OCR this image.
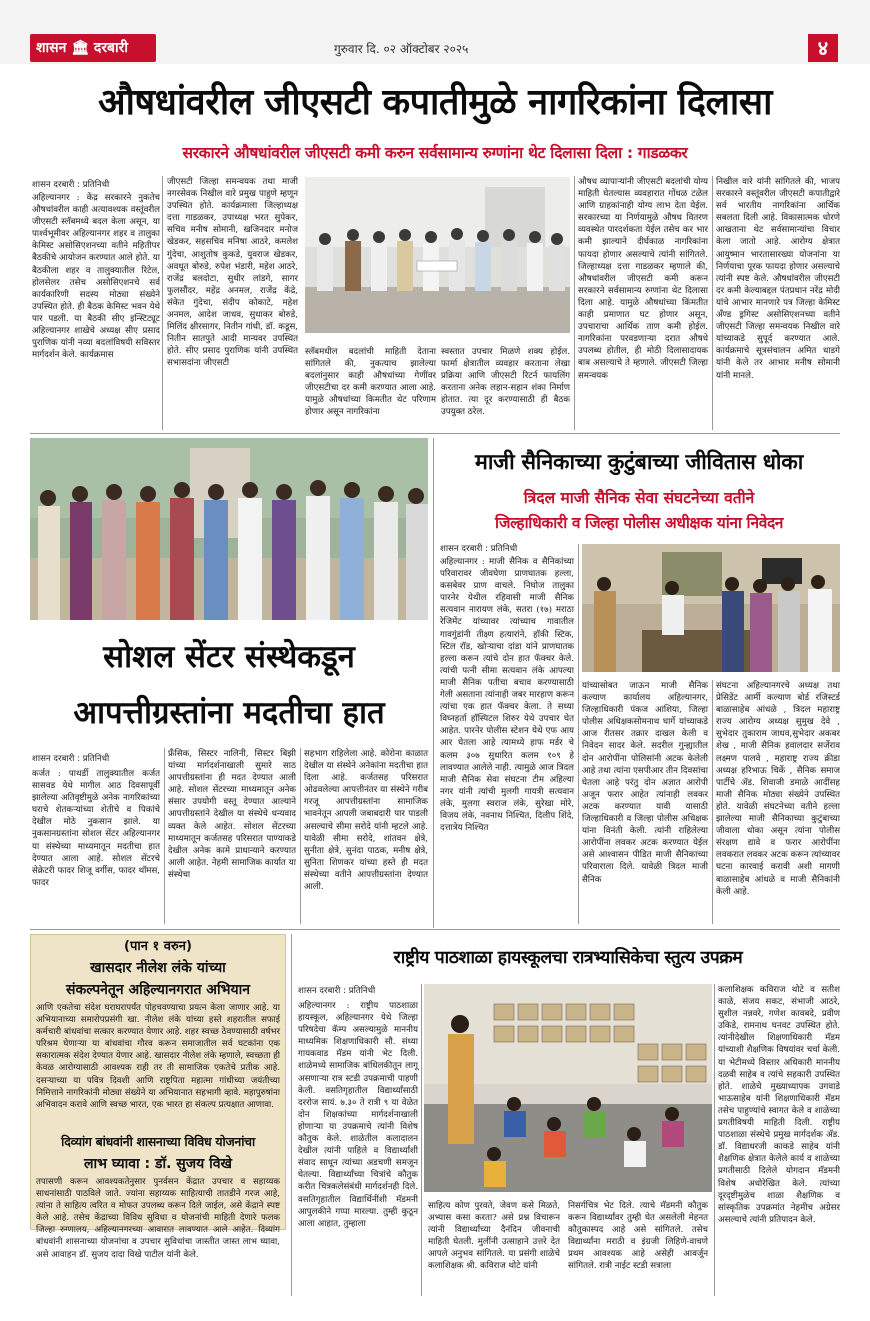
शासन 🏛 दरबारी	गुरुवार दि. ०२ ऑक्टोबर २०२५	४
औषधांवरील जीएसटी कपातीमुळे नागरिकांना दिलासा
सरकारने औषधांवरील जीएसटी कमी करुन सर्वसामान्य रुग्णांना थेट दिलासा दिला : गाडळकर
शासन दरबारी : प्रतिनिधी
अहिल्यानगर : केंद्र सरकारने नुकतेच औषधांवरील काही अत्यावश्यक वस्तूंवरील जीएसटी स्लॅबमध्ये बदल केला असून, या पार्श्वभूमीवर अहिल्यानगर शहर व तालुका केमिस्ट असोसिएशनच्या वतीने महितीपर बैठकीचे आयोजन करण्यात आले होते. या बैठकीला शहर व तालुक्यातील रिटेल, होलसेलर तसेच असोसिएशनचे सर्व कार्यकारिणी सदस्य मोठ्या संख्येने उपस्थित होते. ही बैठक केमिस्ट भवन येथे पार पडली. या बैठकी सीए इन्स्टिट्यूट अहिल्यानगर शाखेचे अध्यक्ष सीए प्रसाद पुराणिक यांनी नव्या बदलांविषयी सविस्तर मार्गदर्शन केले. कार्यक्रमास
जीएसटी जिल्हा समन्वयक तथा माजी नगरसेवक निखील वारे प्रमुख पाहुणे म्हणून उपस्थित होते. कार्यक्रमाला जिल्हाध्यक्ष दत्ता गाडळकर, उपाध्यक्ष भरत सुपेकर, सचिव मनीष सोमानी, खजिनदार मनोज खेडकर, सहसचिव मनिषा आठरे, कमलेश गुंदेचा, आशुतोष कुकडे, युवराज खेडकर, अवधूत बोरुडे, रुपेश भंडारी, महेश आठरे, राजेंद्र बलदोटा, सुधीर लांडगे, सागर फुलसौंदर, महेंद्र अनमल, राजेंद्र केंद्रे, संकेत गुंदेचा, संदीप कोकाटे, महेश अनमल, आदेश जाधव, सुधाकर बोरुडे, मिलिंद क्षीरसागर, नितीन गांधी, डॉ. कडूस, नितीन सातपुते आदी मान्यवर उपस्थित होते. सीए प्रसाद पुराणिक यांनी उपस्थित सभासदांना जीएसटी
स्लॅबमधील बदलांची माहिती देताना सांगितले की, नुकत्याच झालेल्या बदलांनुसार काही औषधांच्या गेणींवर जीएसटीचा दर कमी करण्यात आला आहे. यामुळे औषधांच्या किमतीत थेट परिणाम होणार असून नागरिकांना
स्वस्तात उपचार मिळणे शक्य होईल. फार्मा क्षेत्रातील व्यवहार करताना लेखा प्रक्रिया आणि जीएसटी रिटर्न फायलिंग करताना अनेक लहान-सहान शंका निर्माण होतात. त्या दूर करण्यासाठी ही बैठक उपयुक्त ठरेल.
औषध व्यापाऱ्यांनी जीएसटी बदलांची योग्य माहिती घेतल्यास व्यवहारात गोंधळ टळेल आणि ग्राहकांनाही योग्य लाभ देता येईल. सरकारच्या या निर्णयामुळे औषध वितरण व्यवस्थेत पारदर्शकता येईल तसेच कर भार कमी झाल्याने दीर्घकाळ नागरिकांना फायदा होणार असल्याचे त्यांनी सांगितले. जिल्हाध्यक्ष दत्ता गाडळकर म्हणाले की, औषधांवरील जीएसटी कमी करून सरकारने सर्वसामान्य रुग्णांना थेट दिलासा दिला आहे. यामुळे औषधांच्या किंमतीत काही प्रमाणात घट होणार असून, उपचाराचा आर्थिक ताण कमी होईल. नागरिकांना परवडणाऱ्या दरात औषधे उपलब्ध होतील, ही मोठी दिलासादायक बाब असल्याचे ते म्हणाले. जीएसटी जिल्हा समन्वयक
निखील वारे यांनी सांगितले की, भाजप सरकारने वस्तूंवरील जीएसटी कपातीद्वारे सर्व भारतीय नागरिकांना आर्थिक सबलता दिली आहे. विकासात्मक धोरणे आखताना थेट सर्वसामान्यांचा विचार केला जातो आहे. आरोग्य क्षेत्रात आयुष्मान भारतासारख्या योजनांना या निर्णयाचा पूरक फायदा होणार असल्याचे त्यांनी स्पष्ट केले. औषधांवरील जीएसटी दर कमी केल्याबद्दल पंतप्रधान नरेंद्र मोदी यांचे आभार मानणारे पत्र जिल्हा केमिस्ट अँण्ड ड्रगिस्ट असोसिएशनच्या वतीने जीएसटी जिल्हा समन्वयक निखील वारे यांच्याकडे सुपूर्द करण्यात आले. कार्यक्रमाचे सूत्रसंचालन अमित धाडगे यांनी केले तर आभार मनीष सोमानी यांनी मानले.
सोशल सेंटर संस्थेकडून
आपत्तीग्रस्तांना मदतीचा हात
शासन दरबारी : प्रतिनिधी
कर्जत : पाथर्डी तालुक्यातील कर्जत सासवड येथे मागील आठ दिवसापूर्वी झालेल्या अतिवृष्टीमुळे अनेक नागरिकांच्या घराचे शेतकऱ्यांच्या शेतीचे व पिकांचे देखील मोठे नुकसान झाले. या नुकसानग्रस्तांना सोशल सेंटर अहिल्यानगर या संस्थेच्या माध्यमातून मदतीचा हात देण्यात आला आहे. सोशल सेंटरचे सेक्रेटरी फादर शिजू वर्गीस, फादर थॉमस, फादर
फ्रॅंसिक, सिस्टर नालिनी, सिस्टर बिझी यांच्या मार्गदर्शनाखाली सुमारे साठ आपत्तीग्रस्तांना ही मदत देण्यात आली आहे. सोशल सेंटरच्या माध्यमातून अनेक संसार उपयोगी वस्तू देण्यात आल्याने आपत्तीग्रस्तांने देखील या संस्थेचे धन्यवाद व्यक्त केले आहेत. सोशल सेंटरच्या माध्यमातून कर्जतसह परिसरात पाण्याकडे देखील अनेक कामे प्राधान्याने करण्यात आली आहेत. नेहमी सामाजिक कार्यात या संस्थेचा
सहभाग राहिलेला आहे. कोरोना काळात देखील या संस्थेने अनेकांना मदतीचा हात दिला आहे. कर्जतसह परिसरात ओढवलेल्या आपत्तीनंतर या संस्थेने गरीब गरजू आपत्तीग्रस्तांना सामाजिक भावनेतून आपली जबाबदारी पार पाडली असल्याचे सीमा सरोदे यांनी म्हटले आहे. यावेळी सीमा सरोदे, शांतवन क्षेत्रे, सुनीता क्षेत्रे, सुनंदा पाठक, मनीष क्षेत्रे, सुनिता शिणकर यांच्या हस्ते ही मदत संस्थेच्या वतीने आपत्तीग्रस्तांना देण्यात आली.
माजी सैनिकाच्या कुटुंबाच्या जीवितास धोका
त्रिदल माजी सैनिक सेवा संघटनेच्या वतीने
जिल्हाधिकारी व जिल्हा पोलीस अधीक्षक यांना निवेदन
शासन दरबारी : प्रतिनिधी
अहिल्यानगर : माजी सैनिक व सैनिकांच्या परिवारावर जीवघेणा प्राणघातक हल्ला, कसबेवर प्राण वाचले. निघोज तालुका पारनेर येथील रहिवासी माजी सैनिक सत्यवान नारायण लंके, सतरा (१७) मराठा रेजिमेंट यांच्यावर त्यांच्याच गावातील गावगुंडांनी तीक्ष्ण हत्यारांने, हॉकी स्टिक, स्टिल रॉड, खोऱ्याचा दांडा यांने प्राणघातक हल्ला करून त्यांचे दोन हात फॅक्चर केले. त्यांची पत्नी सीमा सत्यवान लंके आपल्या माजी सैनिक पतीचा बचाव करण्यासाठी गेली असताना त्यांनाही जबर मारहाण करून त्यांचा एक हात फॅक्चर केला. ते सध्या विघ्नहर्ता हॉस्पिटल शिरुर येथे उपचार घेत आहेत. पारनेर पोलीस स्टेशन येथे एफ आय आर घेतला आहे त्यामध्ये हाफ मर्डर चे कलम ३०७ सुधारित कलम १०९ हे लावण्यात आलेले नाही. त्यामुळे आज त्रिदल माजी सैनिक सेवा संघटना टीम अहिल्या नगर यांनी त्यांची मुलगी गायत्री सत्यवान लंके, मुलगा स्वराज लंके, सुरेखा मोरे, विजय लंके, नवनाथ निश्चित, दिलीप शिंदे, दत्तात्रेय निश्चित
यांच्यासोबत जाऊन माजी सैनिक कल्याण कार्यालय अहिल्यानगर, जिल्हाधिकारी पंकज आशिया, जिल्हा पोलीस अधिक्षकसोमनाथ घार्गे यांच्याकडे आज रीतसर तक्रार दाखल केली व निवेदन सादर केले. सदरील गुन्ह्यातील दोन आरोपींना पोलिसांनी अटक केलेली आहे तथा त्यांना एसपीआर तीन दिवसांचा घेतला आहे परंतु दोन अज्ञात आरोपी अजून फरार आहेत त्यांनाही लवकर अटक करण्यात यावी यासाठी जिल्हाधिकारी व जिल्हा पोलीस अधिक्षक यांना विनंती केली. त्यांनी राहिलेल्या आरोपींना लवकर अटक करण्यात येईल असे आश्वासन पीडित माजी सैनिकाच्या परिवाराला दिले. यावेळी त्रिदल माजी सैनिक
संघटना अहिल्यानगरचे अध्यक्ष तथा प्रेसिडेंट आर्मी कल्याण बोर्ड रजिस्टर्ड बाळासाहेब आंधळे , त्रिदल महाराष्ट्र राज्य आरोग्य अध्यक्ष सुमुख देवे , सुभेदार तुकाराम जाधव,सुभेदार अकबर शेख , माजी सैनिक हवालदार सर्जेराव लक्ष्मण पालवे , महाराष्ट्र राज्य क्रीडा अध्यक्ष हरिभाऊ चिर्के , सैनिक समाज पार्टीचे ॲड. शिवाजी डमाळे आदींसह माजी सैनिक मोठ्या संख्येने उपस्थित होते. यावेळी संघटनेच्या वतीने हल्ला झालेल्या माजी सैनिकाच्या कुटुंबाच्या जीवाला धोका असून त्यांना पोलीस संरक्षण द्यावे व फरार आरोपींना लवकरात लवकर अटक करून त्यांच्यावर घटना कारवाई करावी अशी मागणी बाळासाहेब आंधळे व माजी सैनिकांनी केली आहे.
(पान १ वरुन)
खासदार नीलेश लंके यांच्या
संकल्पनेतून अहिल्यानगरात अभियान
आणि एकतेचा संदेश घराघरापर्यंत पोहचवण्याचा प्रयत्न केला जाणार आहे. या अभियानाच्या समारोपप्रसंगी खा. नीलेश लंके यांच्या हस्ते शहरातील सफाई कर्मचारी बांधवांचा सत्कार करण्यात येणार आहे. शहर स्वच्छ ठेवण्यासाठी वर्षभर परिश्रम घेणाऱ्या या बांधवांचा गौरव करून समाजातील सर्व घटकांना एक सकारात्मक संदेश देण्यात येणार आहे. खासदार नीलेश लंके म्हणाले, स्वच्छता ही केवळ आरोग्यासाठी आवश्यक राही तर ती सामाजिक एकतेचे प्रतीक आहे. दसऱ्याच्या या पवित्र दिवशी आणि राष्ट्रपिता महात्मा गांधीच्या जयंतीच्या निमित्ताने नागरिकांनी मोठ्या संख्येने या अभियानात सहभागी व्हावे. महापुरुषांना अभिवादन करावे आणि स्वच्छ भारत, एक भारत हा संकल्प प्रत्यक्षात आणावा.
दिव्यांग बांधवांनी शासनाच्या विविध योजनांचा
लाभ घ्यावा : डॉ. सुजय विखे
तपासणी करून आवश्यकतेनुसार पुनर्वसन केंद्रात उपचार व सहाय्यक साधनांसाठी पाठविले जाते. ज्यांना सहाय्यक साहित्याची तातडीने गरज आहे, त्यांना ते साहित्य त्वरित व मोफत उपलब्ध करून दिले जाईल, असे केंद्राने स्पष्ट केले आहे. तसेच केंद्राच्या विविध सुविधा व योजनांची माहिती देणारे फलक जिल्हा रुग्णालय, अहिल्यानगरच्या आवारात लावण्यात आले आहेत. दिव्यांग बांधवांनी शासनाच्या योजनांचा व उपचार सुविधांचा जास्तीत जास्त लाभ घ्यावा, असे आवाहन डॉ. सुजय दादा विखे पाटील यांनी केले.
राष्ट्रीय पाठशाळा हायस्कूलचा रात्रभ्यासिकेचा स्तुत्य उपक्रम
शासन दरबारी : प्रतिनिधी
अहिल्यानगर : राष्ट्रीय पाठशाळा हायस्कूल, अहिल्यानगर येथे जिल्हा परिषदेचा कॅम्प असल्यामुळे माननीय माध्यमिक शिक्षणाधिकारी सौ. संध्या गायकवाड मॅडम यांनी भेट दिली. शाळेमध्ये सामाजिक बांधिलकीतून लागू असणाऱ्या रात्र स्टडी उपक्रमाची पाहणी केली. वसतिगृहातील विद्यार्थ्यांसाठी दररोज सायं. ७.३० ते रात्री ९ या वेळेत दोन शिक्षकांच्या मार्गदर्शनाखाली होणाऱ्या या उपक्रमाचे त्यांनी विशेष कौतुक केले. शाळेतील कलादालन देखील त्यांनी पाहिले व विद्यार्थ्यांशी संवाद साधून त्यांच्या अडचणी समजून घेतल्या. विद्यार्थ्यांच्या चित्रांचे कौतुक करीत चित्रकलेसंबंधी मार्गदर्शनही दिले. वसतिगृहातील विद्यार्थिनींशी मॅडमनी आपुलकीने गप्पा मारल्या. तुम्ही कुठून आला आहात, तुम्हाला
साहित्य कोण पुरवते, जेवण कसे मिळते, अभ्यास कसा करता? असे प्रश्न विचारून त्यांनी विद्यार्थ्यांच्या दैनंदिन जीवनाची माहिती घेतली. मुलींनी उत्साहाने उत्तरे देत आपले अनुभव सांगितले. या प्रसंगी शाळेचे कलाशिक्षक श्री. कविराज थोटे यांनी
निसर्गचित्र भेट दिले. त्याचे मॅडमनी कौतुक करून विद्यार्थ्यांवर तुम्ही घेत असलेली मेहनत कौतुकास्पद आहे असे सांगितले. तसेच विद्यार्थ्यांना मराठी व इंग्रजी लिहिणे-वाचणे प्रथम आवश्यक आहे असेही आवर्जून सांगितले. रात्री नाईट स्टडी सत्राला
कलाशिक्षक कविराज थोटे व सतीश काळे, संजय सकट, संभाजी आठरे, सुशील नन्नवरे, गणेश कावबदे, प्रवीण उकिडे, रामनाथ घनवट उपस्थित होते. त्यांनीदेखील शिक्षणाधिकारी मॅडम यांच्याशी शैक्षणिक विषयांवर चर्चा केली. या भेटीमध्ये विस्तार अधिकारी माननीय दळवी साहेब व त्यांचे सहकारी उपस्थित होते. शाळेचे मुख्याध्यापक उगवाडे भाऊसाहेब यांनी शिक्षणाधिकारी मॅडम तसेच पाहुण्यांचे स्वागत केले व शाळेच्या प्रगतीविषयी माहिती दिली. राष्ट्रीय पाठशाळा संस्थेचे प्रमुख मार्गदर्शक ॲड. डॉ. विद्याधरजी काकडे साहेब यांनी शैक्षणिक क्षेत्रात केलेले कार्य व शाळेच्या प्रगतीसाठी दिलेले योगदान मॅडमनी विशेष अधोरेखित केले. त्यांच्या दूरदृष्टीमुळेच शाळा शैक्षणिक व सांस्कृतिक उपक्रमांत नेहमीच अग्रेसर असल्याचे त्यांनी प्रतिपादन केले.
